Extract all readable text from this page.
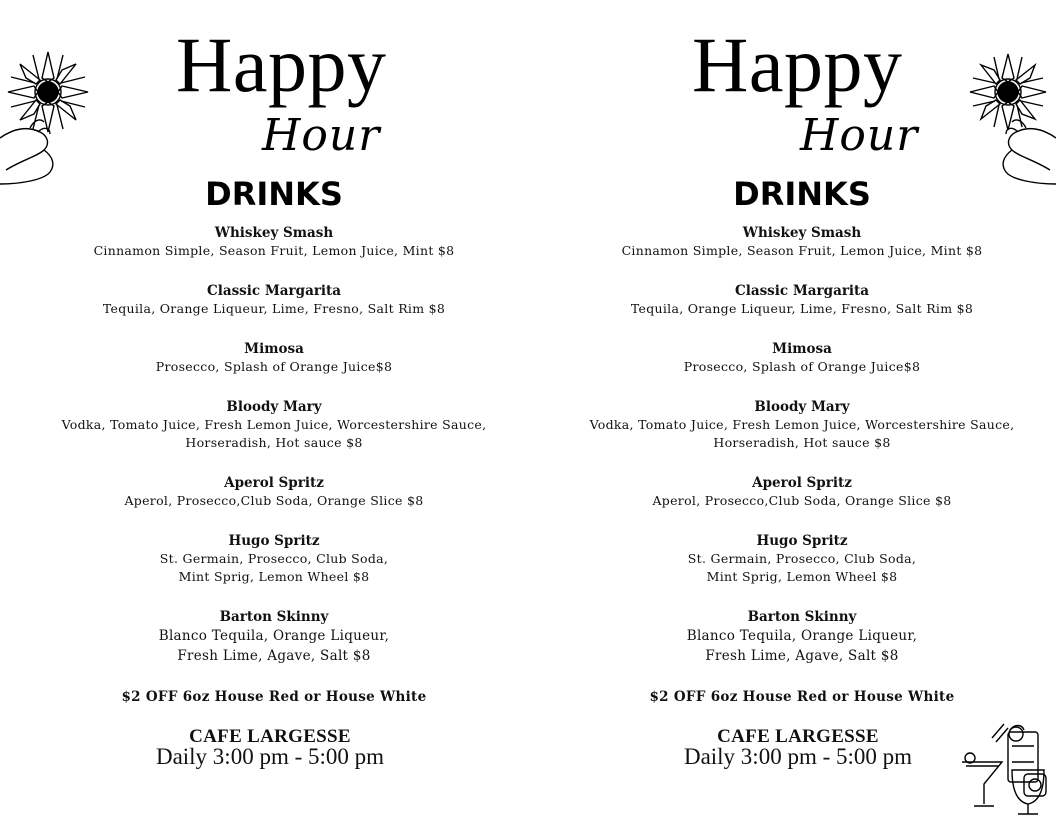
Happy
Hour
DRINKS
Whiskey Smash
Cinnamon Simple, Season Fruit, Lemon Juice, Mint $8
Classic Margarita
Tequila, Orange Liqueur, Lime, Fresno, Salt Rim $8
Mimosa
Prosecco, Splash of Orange Juice$8
Bloody Mary
Vodka, Tomato Juice, Fresh Lemon Juice, Worcestershire Sauce,
Horseradish, Hot sauce $8
Aperol Spritz
Aperol, Prosecco,Club Soda, Orange Slice $8
Hugo Spritz
St. Germain, Prosecco, Club Soda,
Mint Sprig, Lemon Wheel $8
Barton Skinny
Blanco Tequila, Orange Liqueur,
Fresh Lime, Agave, Salt $8
$2 OFF 6oz House Red or House White
CAFE LARGESSE
Daily 3:00 pm - 5:00 pm
Happy
Hour
DRINKS
Whiskey Smash
Cinnamon Simple, Season Fruit, Lemon Juice, Mint $8
Classic Margarita
Tequila, Orange Liqueur, Lime, Fresno, Salt Rim $8
Mimosa
Prosecco, Splash of Orange Juice$8
Bloody Mary
Vodka, Tomato Juice, Fresh Lemon Juice, Worcestershire Sauce,
Horseradish, Hot sauce $8
Aperol Spritz
Aperol, Prosecco,Club Soda, Orange Slice $8
Hugo Spritz
St. Germain, Prosecco, Club Soda,
Mint Sprig, Lemon Wheel $8
Barton Skinny
Blanco Tequila, Orange Liqueur,
Fresh Lime, Agave, Salt $8
$2 OFF 6oz House Red or House White
CAFE LARGESSE
Daily 3:00 pm - 5:00 pm
